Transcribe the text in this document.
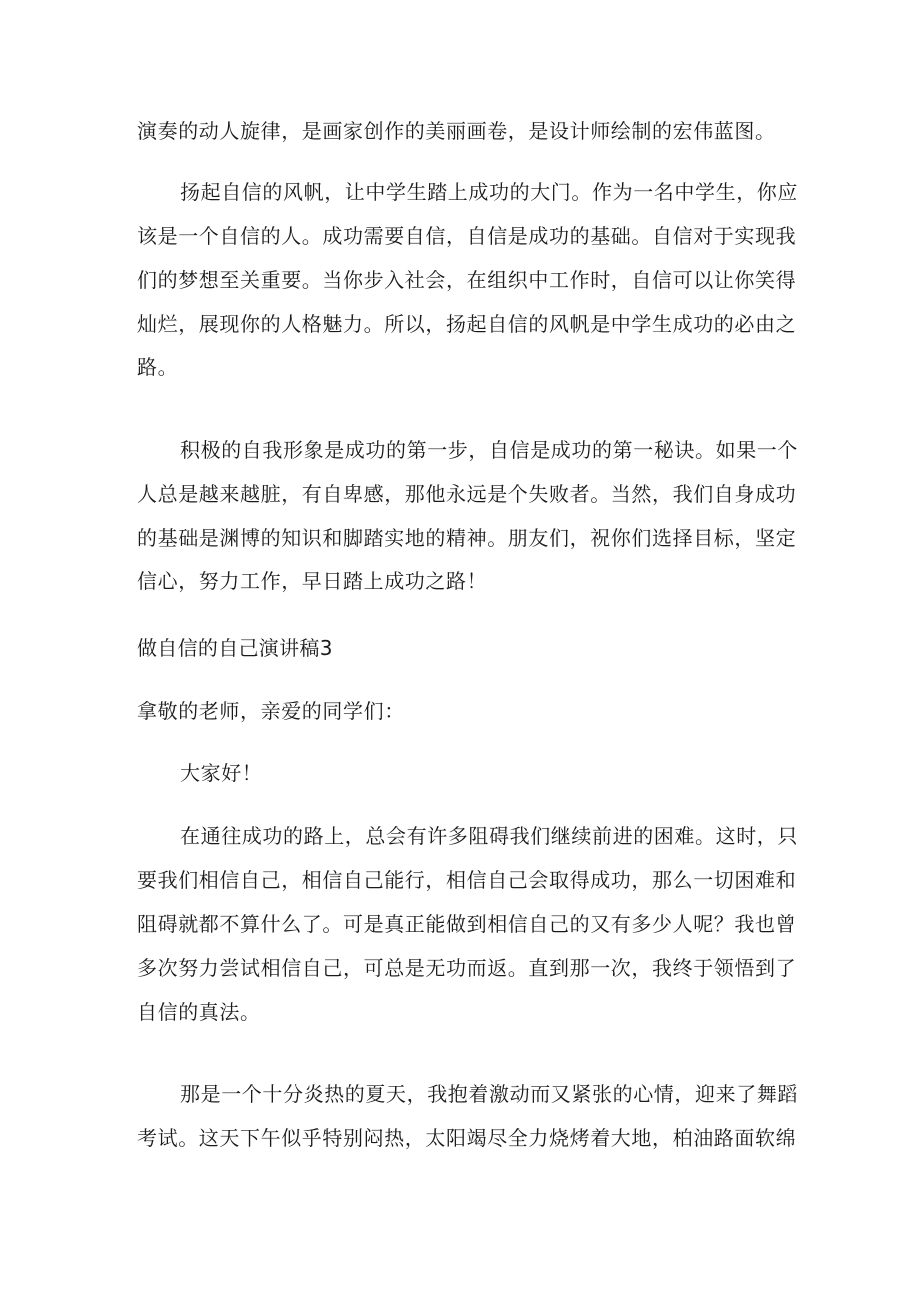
演奏的动人旋律，是画家创作的美丽画卷，是设计师绘制的宏伟蓝图。
扬起自信的风帆，让中学生踏上成功的大门。作为一名中学生，你应
该是一个自信的人。成功需要自信，自信是成功的基础。自信对于实现我
们的梦想至关重要。当你步入社会，在组织中工作时，自信可以让你笑得
灿烂，展现你的人格魅力。所以，扬起自信的风帆是中学生成功的必由之
路。
积极的自我形象是成功的第一步，自信是成功的第一秘诀。如果一个
人总是越来越脏，有自卑感，那他永远是个失败者。当然，我们自身成功
的基础是渊博的知识和脚踏实地的精神。朋友们，祝你们选择目标，坚定
信心，努力工作，早日踏上成功之路！
做自信的自己演讲稿3
拿敬的老师，亲爱的同学们：
大家好！
在通往成功的路上，总会有许多阻碍我们继续前进的困难。这时，只
要我们相信自己，相信自己能行，相信自己会取得成功，那么一切困难和
阻碍就都不算什么了。可是真正能做到相信自己的又有多少人呢？我也曾
多次努力尝试相信自己，可总是无功而返。直到那一次，我终于领悟到了
自信的真法。
那是一个十分炎热的夏天，我抱着激动而又紧张的心情，迎来了舞蹈
考试。这天下午似乎特别闷热，太阳竭尽全力烧烤着大地，柏油路面软绵
